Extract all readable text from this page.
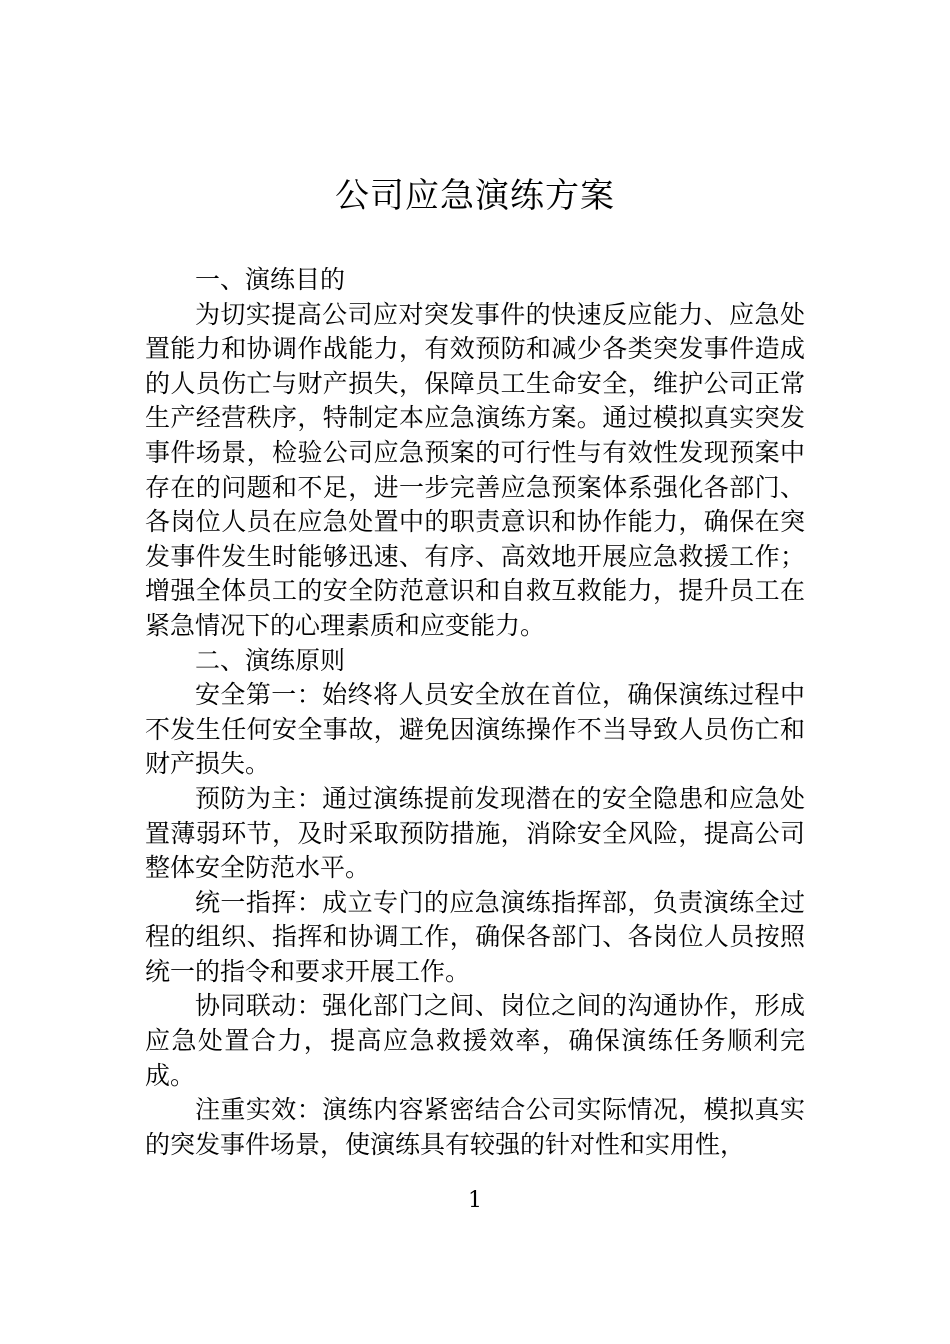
公司应急演练方案

一、演练目的

为切实提高公司应对突发事件的快速反应能力、应急处置能力和协调作战能力，有效预防和减少各类突发事件造成的人员伤亡与财产损失，保障员工生命安全，维护公司正常生产经营秩序，特制定本应急演练方案。通过模拟真实突发事件场景，检验公司应急预案的可行性与有效性发现预案中存在的问题和不足，进一步完善应急预案体系强化各部门、各岗位人员在应急处置中的职责意识和协作能力，确保在突发事件发生时能够迅速、有序、高效地开展应急救援工作；增强全体员工的安全防范意识和自救互救能力，提升员工在紧急情况下的心理素质和应变能力。

二、演练原则

安全第一：始终将人员安全放在首位，确保演练过程中不发生任何安全事故，避免因演练操作不当导致人员伤亡和财产损失。

预防为主：通过演练提前发现潜在的安全隐患和应急处置薄弱环节，及时采取预防措施，消除安全风险，提高公司整体安全防范水平。

统一指挥：成立专门的应急演练指挥部，负责演练全过程的组织、指挥和协调工作，确保各部门、各岗位人员按照统一的指令和要求开展工作。

协同联动：强化部门之间、岗位之间的沟通协作，形成应急处置合力，提高应急救援效率，确保演练任务顺利完成。

注重实效：演练内容紧密结合公司实际情况，模拟真实的突发事件场景，使演练具有较强的针对性和实用性，

1
